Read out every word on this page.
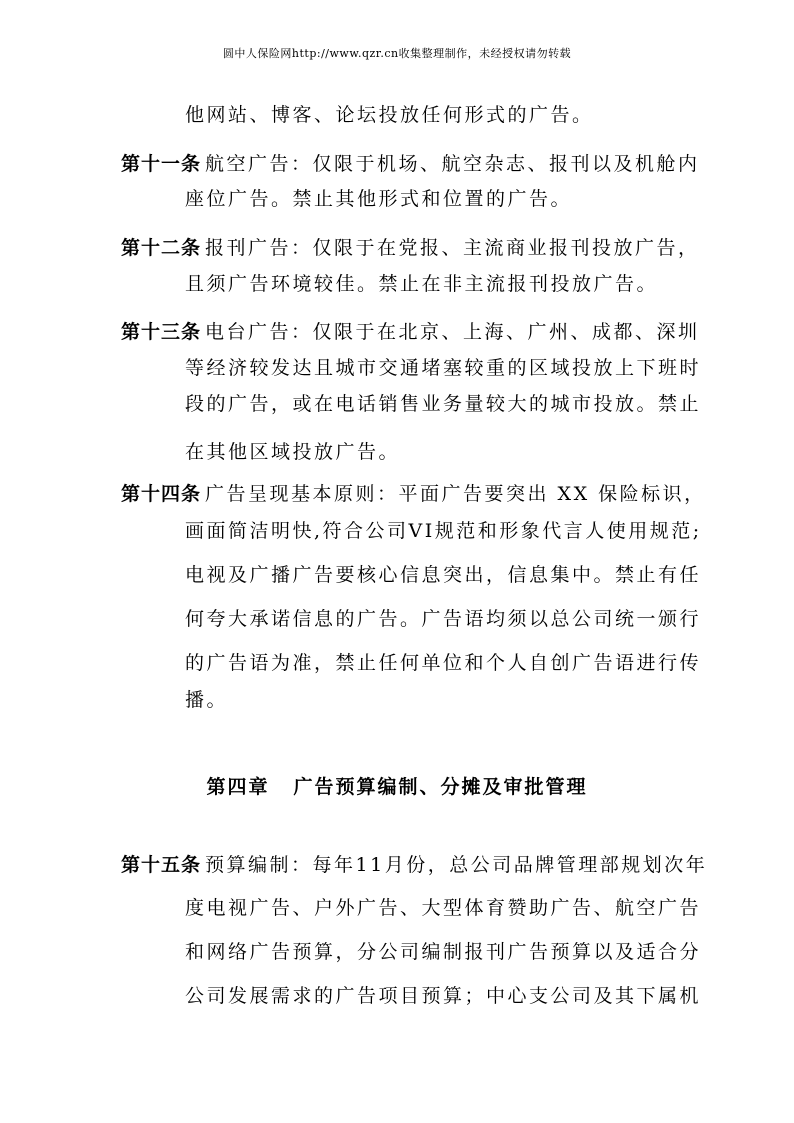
圆中人保险网http://www.qzr.cn收集整理制作，未经授权请勿转载
他网站、博客、论坛投放任何形式的广告。
第十一条 航空广告：仅限于机场、航空杂志、报刊以及机舱内
座位广告。禁止其他形式和位置的广告。
第十二条 报刊广告：仅限于在党报、主流商业报刊投放广告，
且须广告环境较佳。禁止在非主流报刊投放广告。
第十三条 电台广告：仅限于在北京、上海、广州、成都、深圳
等经济较发达且城市交通堵塞较重的区域投放上下班时
段的广告，或在电话销售业务量较大的城市投放。禁止
在其他区域投放广告。
第十四条 广告呈现基本原则：平面广告要突出 XX 保险标识，
画面简洁明快,符合公司VI规范和形象代言人使用规范;
电视及广播广告要核心信息突出，信息集中。禁止有任
何夸大承诺信息的广告。广告语均须以总公司统一颁行
的广告语为准，禁止任何单位和个人自创广告语进行传
播。
第十五条 预算编制：每年11月份，总公司品牌管理部规划次年
度电视广告、户外广告、大型体育赞助广告、航空广告
和网络广告预算，分公司编制报刊广告预算以及适合分
公司发展需求的广告项目预算；中心支公司及其下属机
第四章 广告预算编制、分摊及审批管理
